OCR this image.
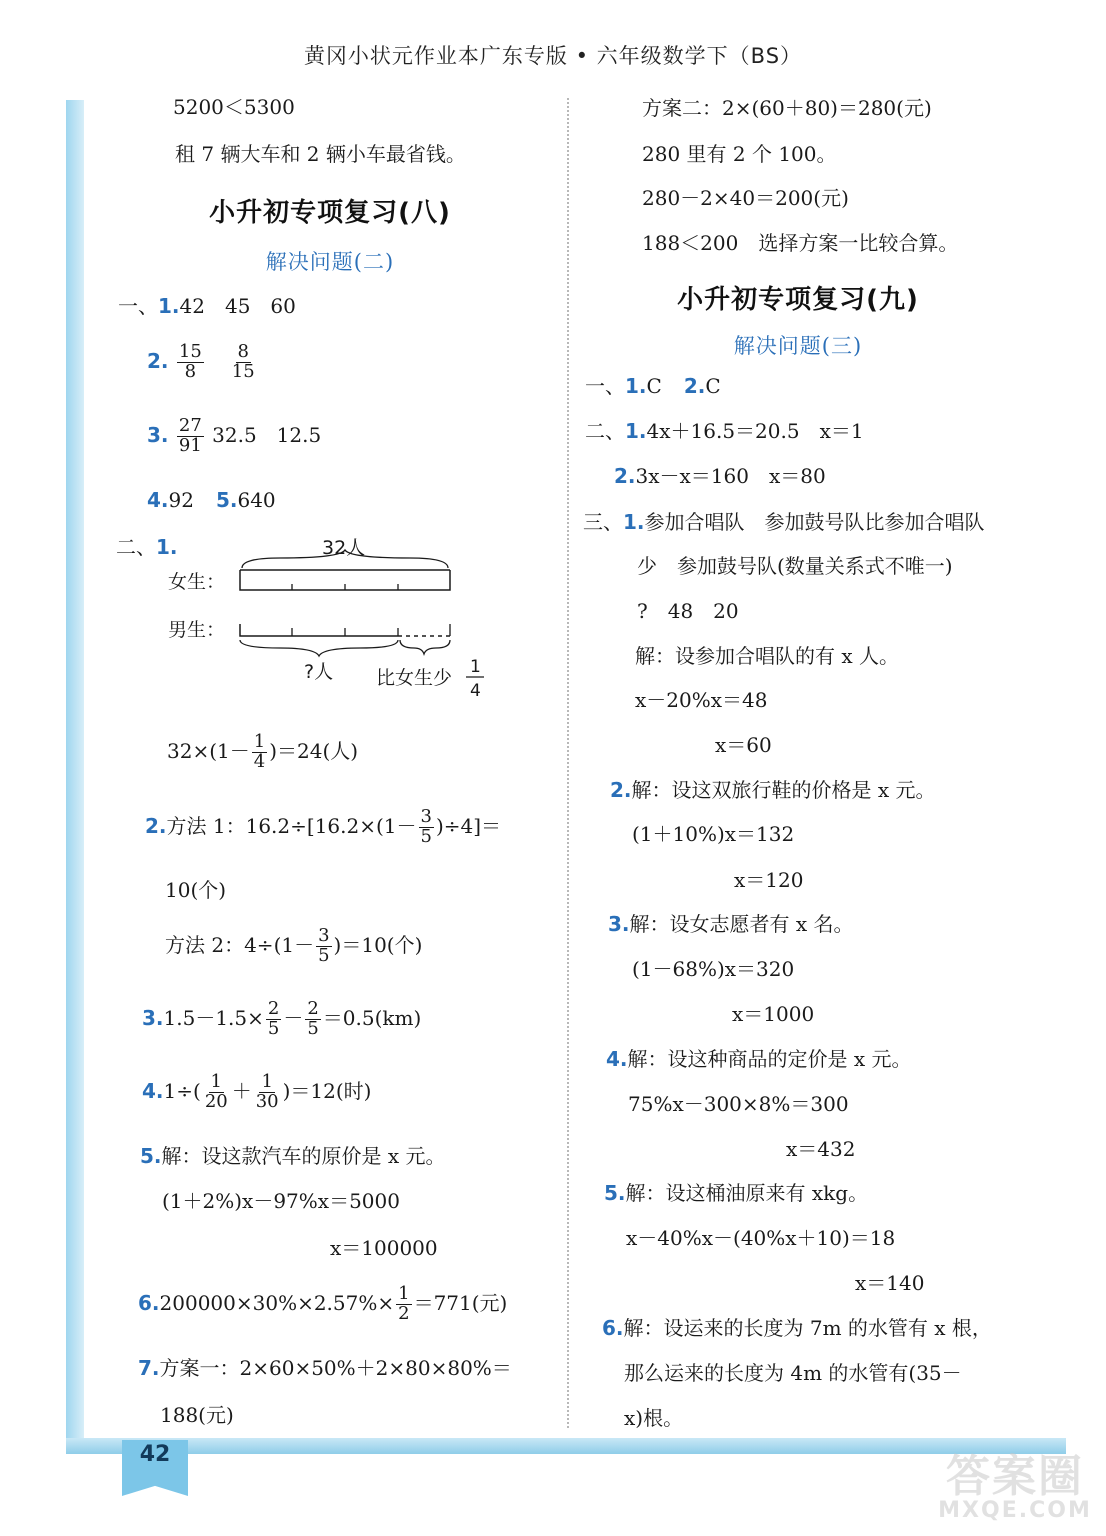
42
黄冈小状元作业本广东专版 • 六年级数学下（BS）
答案圈
MXQE.COM
5200＜5300
租 7 辆大车和 2 辆小车最省钱。
小升初专项复习(八)
解决问题(二)
一、1.42　45　60
2. $\frac{15}{8} \frac{8}{15}$
3. $\frac{27}{91} 32.5$　12.5
4.92 5.640
二、1.	32人
女生：
男生：
?人 比女生少 1
4
$32\times(1- \frac{1}{4} )=24$(人)
2.方法 1：$16.2\div[16.2\times(1- \frac{3}{5} )\div 4]=$
10(个)
方法 2：$4\div(1- \frac{3}{5} )=10$(个)
$3.1.5-1.5\times \frac{2}{5} - \frac{2}{5} =0.5(km)$
$4.1\div( \frac{1}{20} + \frac{1}{30} )=12$(时)
5.解：设这款汽车的原价是 x 元。
(1＋2%)x－97%x＝5000
x＝100000
$6.200000\times 30\%\times 2.57\%\times \frac{1}{2} =771$(元)
7.方案一：2×60×50%＋2×80×80%＝
188(元)
方案二：2×(60＋80)＝280(元)
280 里有 2 个 100。
280－2×40＝200(元)
188＜200　选择方案一比较合算。
小升初专项复习(九)
解决问题(三)
一、1.C 2.C
二、1.4x＋16.5＝20.5　x＝1
2.3x－x＝160　x＝80
三、1.参加合唱队　参加鼓号队比参加合唱队
少　参加鼓号队(数量关系式不唯一)
?　48　20
解：设参加合唱队的有 x 人。
x－20%x＝48
x＝60
2.解：设这双旅行鞋的价格是 x 元。
(1＋10%)x＝132
x＝120
3.解：设女志愿者有 x 名。
(1－68%)x＝320
x＝1000
4.解：设这种商品的定价是 x 元。
75%x－300×8%＝300
x＝432
5.解：设这桶油原来有 xkg。
x－40%x－(40%x＋10)＝18
x＝140
6.解：设运来的长度为 7m 的水管有 x 根，
那么运来的长度为 4m 的水管有(35－
x)根。
